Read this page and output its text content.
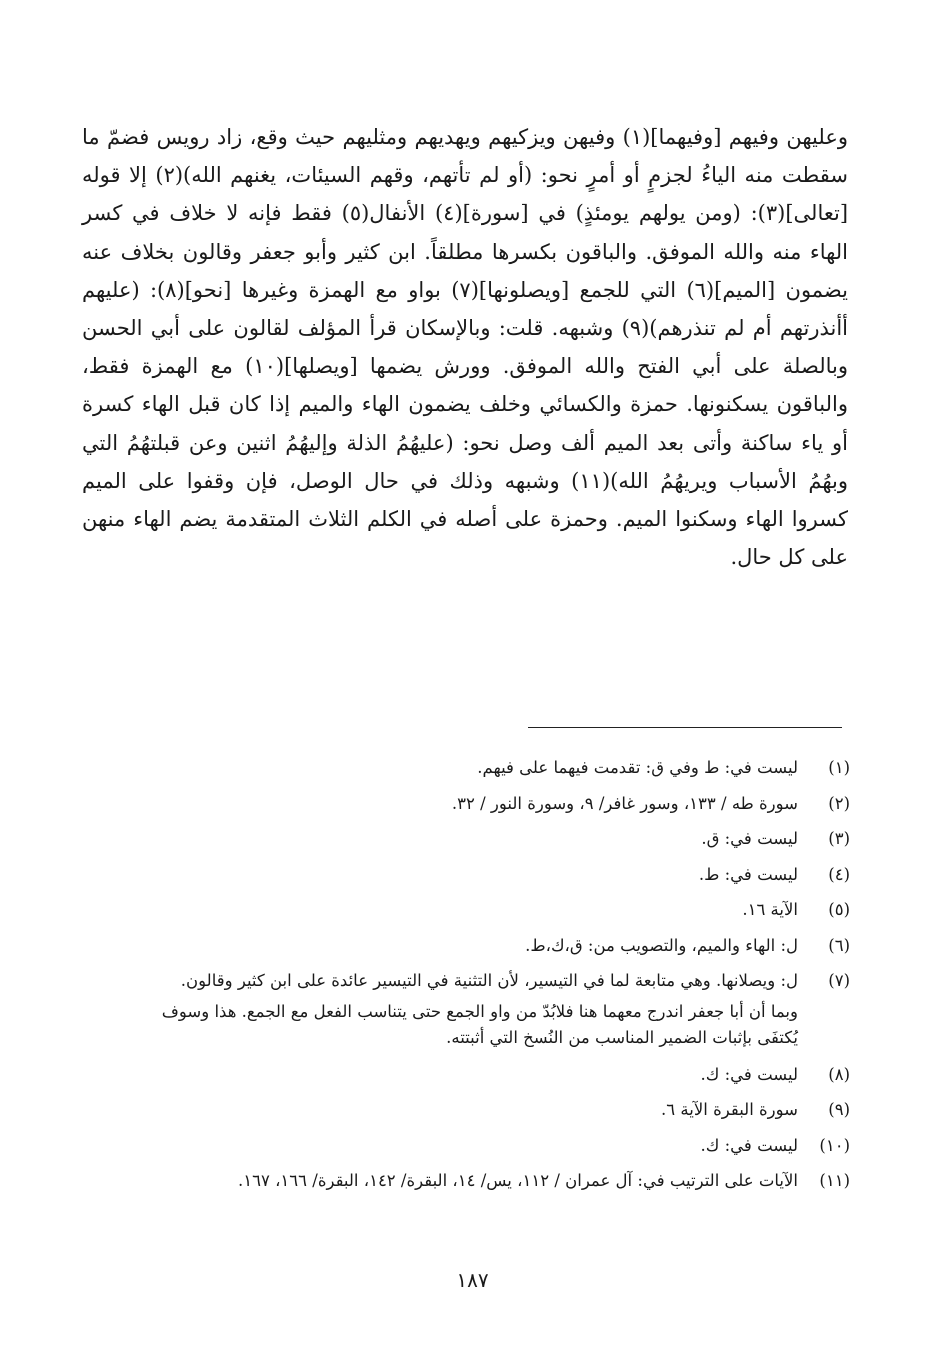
وعليهن وفيهم [وفيهما](١) وفيهن ويزكيهم ويهديهم ومثليهم حيث وقع، زاد رويس فضمّ ما سقطت منه الياءُ لجزمٍ أو أمرٍ نحو: (أو لم تأتهم، وقهم السيئات، يغنهم الله)(٢) إلا قوله [تعالى](٣): (ومن يولهم يومئذٍ) في [سورة](٤) الأنفال(٥) فقط فإنه لا خلاف في كسر الهاء منه والله الموفق. والباقون بكسرها مطلقاً. ابن كثير وأبو جعفر وقالون بخلاف عنه يضمون [الميم](٦) التي للجمع [ويصلونها](٧) بواو مع الهمزة وغيرها [نحو](٨): (عليهم أأنذرتهم أم لم تنذرهم)(٩) وشبهه. قلت: وبالإسكان قرأ المؤلف لقالون على أبي الحسن وبالصلة على أبي الفتح والله الموفق. وورش يضمها [ويصلها](١٠) مع الهمزة فقط، والباقون يسكنونها. حمزة والكسائي وخلف يضمون الهاء والميم إذا كان قبل الهاء كسرة أو ياء ساكنة وأتى بعد الميم ألف وصل نحو: (عليهُمُ الذلة وإليهُمُ اثنين وعن قبلتهُمُ التي وبهُمُ الأسباب ويريهُمُ الله)(١١) وشبهه وذلك في حال الوصل، فإن وقفوا على الميم كسروا الهاء وسكنوا الميم. وحمزة على أصله في الكلم الثلاث المتقدمة يضم الهاء منهن على كل حال.

(١)
ليست في: ط وفي ق: تقدمت فيهما على فيهم.
(٢)
سورة طه / ١٣٣، وسور غافر/ ٩، وسورة النور / ٣٢.
(٣)
ليست في: ق.
(٤)
ليست في: ط.
(٥)
الآية ١٦.
(٦)
ل: الهاء والميم، والتصويب من: ق،ك،ط.
(٧)
ل: ويصلانها. وهي متابعة لما في التيسير، لأن التثنية في التيسير عائدة على ابن كثير وقالون.
وبما أن أبا جعفر اندرج معهما هنا فلابُدّ من واو الجمع حتى يتناسب الفعل مع الجمع. هذا وسوف
يُكتفَى بإثبات الضمير المناسب من النُسخ التي أثبتته.
(٨)
ليست في: ك.
(٩)
سورة البقرة الآية ٦.
(١٠)
ليست في: ك.
(١١)
الآيات على الترتيب في: آل عمران / ١١٢، يس/ ١٤، البقرة/ ١٤٢، البقرة/ ١٦٦، ١٦٧.
١٨٧
